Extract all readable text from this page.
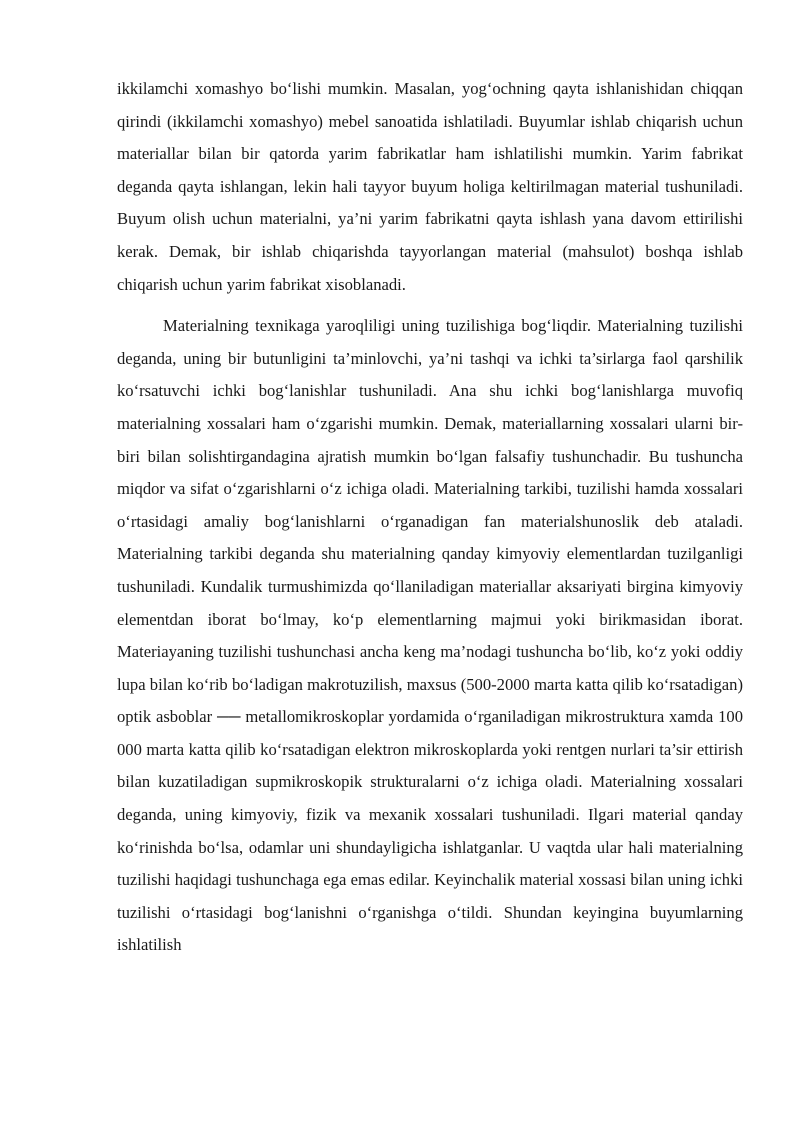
ikkilamchi xomashyo bo‘lishi mumkin. Masalan, yog‘ochning qayta ishlanishidan chiqqan qirindi (ikkilamchi xomashyo) mebel sanoatida ishlatiladi. Buyumlar ishlab chiqarish uchun materiallar bilan bir qatorda yarim fabrikatlar ham ishlatilishi mumkin. Yarim fabrikat deganda qayta ishlangan, lekin hali tayyor buyum holiga keltirilmagan material tushuniladi. Buyum olish uchun materialni, ya’ni yarim fabrikatni qayta ishlash yana davom ettirilishi kerak. Demak, bir ishlab chiqarishda tayyorlangan material (mahsulot) boshqa ishlab chiqarish uchun yarim fabrikat xisoblanadi.

Materialning texnikaga yaroqliligi uning tuzilishiga bog‘liqdir. Materialning tuzilishi deganda, uning bir butunligini ta’minlovchi, ya’ni tashqi va ichki ta’sirlarga faol qarshilik ko‘rsatuvchi ichki bog‘lanishlar tushuniladi. Ana shu ichki bog‘lanishlarga muvofiq materialning xossalari ham o‘zgarishi mumkin. Demak, materiallarning xossalari ularni bir-biri bilan solishtirgandagina ajratish mumkin bo‘lgan falsafiy tushunchadir. Bu tushuncha miqdor va sifat o‘zgarishlarni o‘z ichiga oladi. Materialning tarkibi, tuzilishi hamda xossalari o‘rtasidagi amaliy bog‘lanishlarni o‘rganadigan fan materialshunoslik deb ataladi. Materialning tarkibi deganda shu materialning qanday kimyoviy elementlardan tuzilganligi tushuniladi. Kundalik turmushimizda qo‘llaniladigan materiallar aksariyati birgina kimyoviy elementdan iborat bo‘lmay, ko‘p elementlarning majmui yoki birikmasidan iborat. Materiayaning tuzilishi tushunchasi ancha keng ma’nodagi tushuncha bo‘lib, ko‘z yoki oddiy lupa bilan ko‘rib bo‘ladigan makrotuzilish, maxsus (500-2000 marta katta qilib ko‘rsatadigan) optik asboblar ── metallomikroskoplar yordamida o‘rganiladigan mikrostruktura xamda 100 000 marta katta qilib ko‘rsatadigan elektron mikroskoplarda yoki rentgen nurlari ta’sir ettirish bilan kuzatiladigan supmikroskopik strukturalarni o‘z ichiga oladi. Materialning xossalari deganda, uning kimyoviy, fizik va mexanik xossalari tushuniladi. Ilgari material qanday ko‘rinishda bo‘lsa, odamlar uni shundayligicha ishlatganlar. U vaqtda ular hali materialning tuzilishi haqidagi tushunchaga ega emas edilar. Keyinchalik material xossasi bilan uning ichki tuzilishi o‘rtasidagi bog‘lanishni o‘rganishga o‘tildi. Shundan keyingina buyumlarning ishlatilish
